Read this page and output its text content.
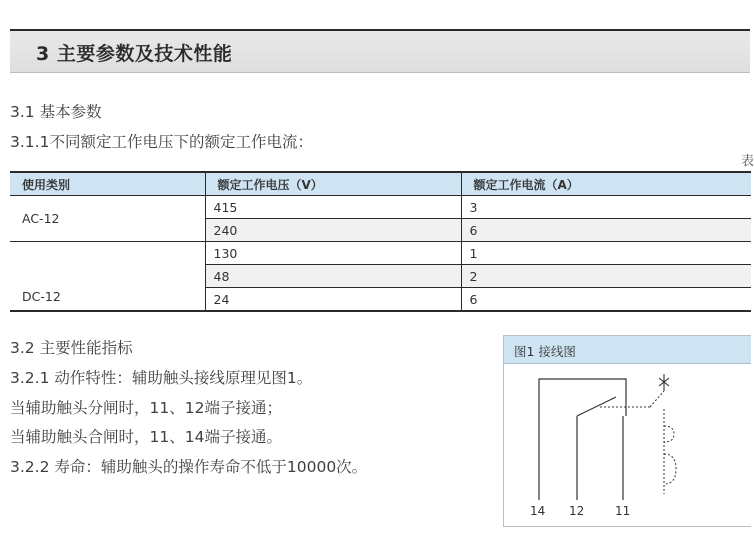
3 主要参数及技术性能
3.1 基本参数
3.1.1不同额定工作电压下的额定工作电流：
表
使用类别	额定工作电压（V）	额定工作电流（A）
AC-12	415	3
	240	6
DC-12	130	1
	48	2
	24	6
3.2 主要性能指标
3.2.1 动作特性：辅助触头接线原理见图1。
当辅助触头分闸时，11、12端子接通；
当辅助触头合闸时，11、14端子接通。
3.2.2 寿命：辅助触头的操作寿命不低于10000次。
图1 接线图
14 12	11
